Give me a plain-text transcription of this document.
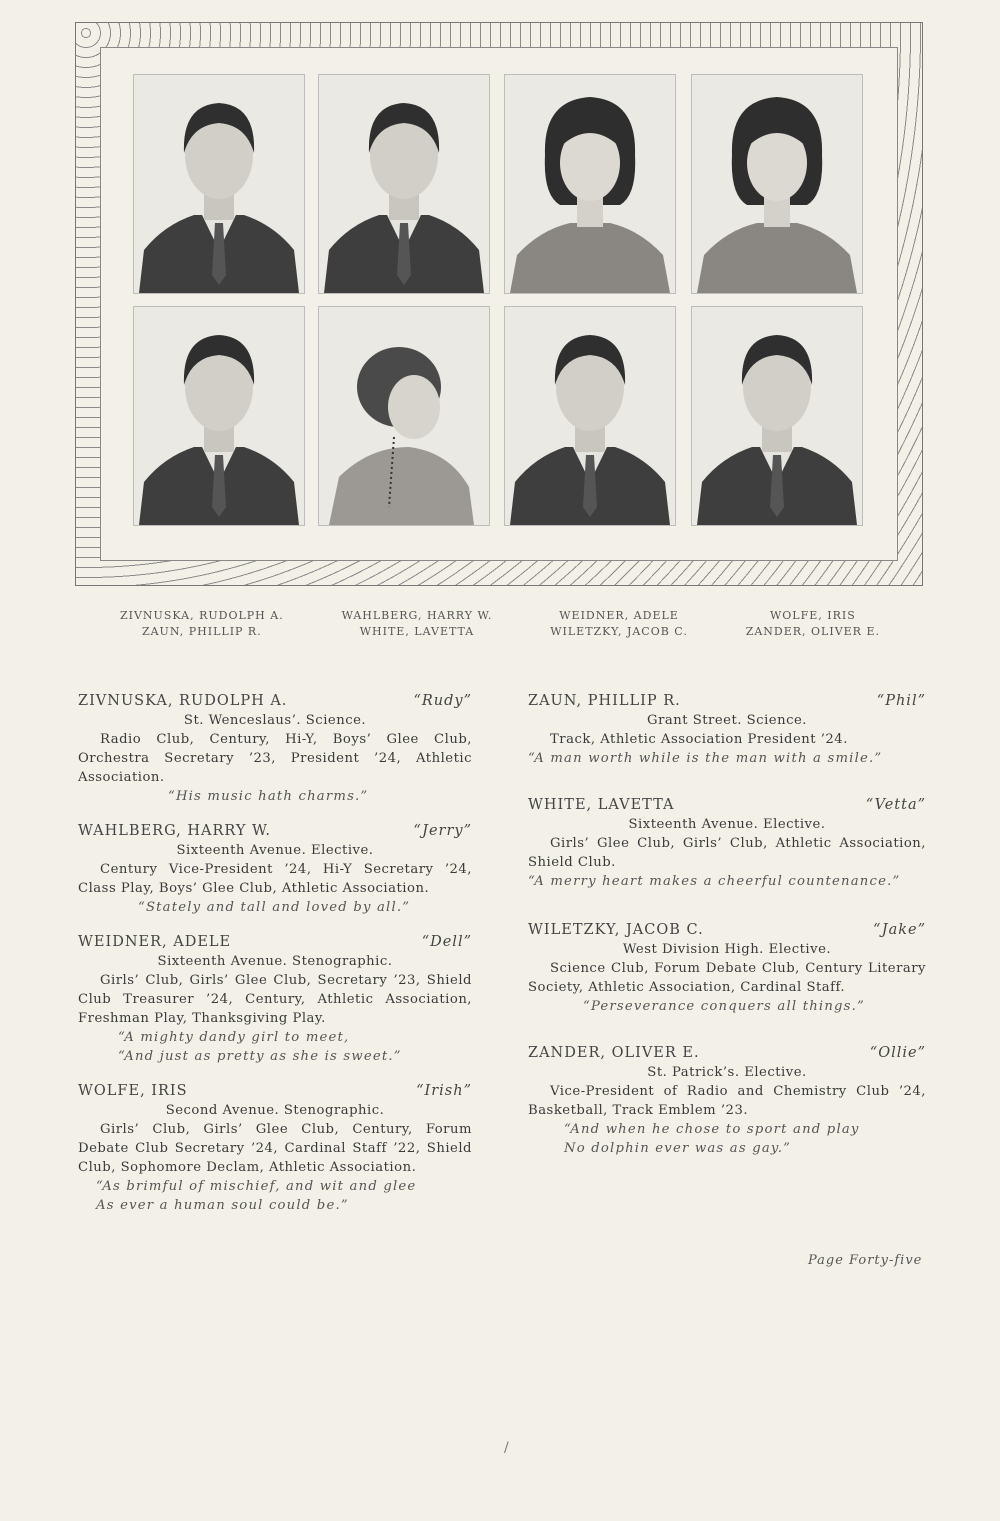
ZIVNUSKA, RUDOLPH A.
ZAUN, PHILLIP R.
WAHLBERG, HARRY W.
WHITE, LAVETTA
WEIDNER, ADELE
WILETZKY, JACOB C.
WOLFE, IRIS
ZANDER, OLIVER E.
ZIVNUSKA, RUDOLPH A.	“Rudy”
St. Wenceslaus’. Science.
Radio Club, Century, Hi-Y, Boys’ Glee Club, Orchestra Secretary ’23, President ’24, Athletic Association.
“His music hath charms.”
WAHLBERG, HARRY W.	“Jerry”
Sixteenth Avenue. Elective.
Century Vice-President ’24, Hi-Y Secretary ’24, Class Play, Boys’ Glee Club, Athletic Association.
“Stately and tall and loved by all.”
WEIDNER, ADELE	“Dell”
Sixteenth Avenue. Stenographic.
Girls’ Club, Girls’ Glee Club, Secretary ’23, Shield Club Treasurer ’24, Century, Athletic Association, Freshman Play, Thanksgiving Play.
“A mighty dandy girl to meet,
“And just as pretty as she is sweet.”
WOLFE, IRIS	“Irish”
Second Avenue. Stenographic.
Girls’ Club, Girls’ Glee Club, Century, Forum Debate Club Secretary ’24, Cardinal Staff ’22, Shield Club, Sophomore Declam, Athletic Association.
“As brimful of mischief, and wit and glee
As ever a human soul could be.”
ZAUN, PHILLIP R.	“Phil”
Grant Street. Science.
Track, Athletic Association President ’24.
“A man worth while is the man with a smile.”
WHITE, LAVETTA	“Vetta”
Sixteenth Avenue. Elective.
Girls’ Glee Club, Girls’ Club, Athletic Association, Shield Club.
“A merry heart makes a cheerful countenance.”
WILETZKY, JACOB C.	“Jake”
West Division High. Elective.
Science Club, Forum Debate Club, Century Literary Society, Athletic Association, Cardinal Staff.
“Perseverance conquers all things.”
ZANDER, OLIVER E.	“Ollie”
St. Patrick’s. Elective.
Vice-President of Radio and Chemistry Club ’24, Basketball, Track Emblem ’23.
“And when he chose to sport and play
No dolphin ever was as gay.”
Page Forty-five
/
